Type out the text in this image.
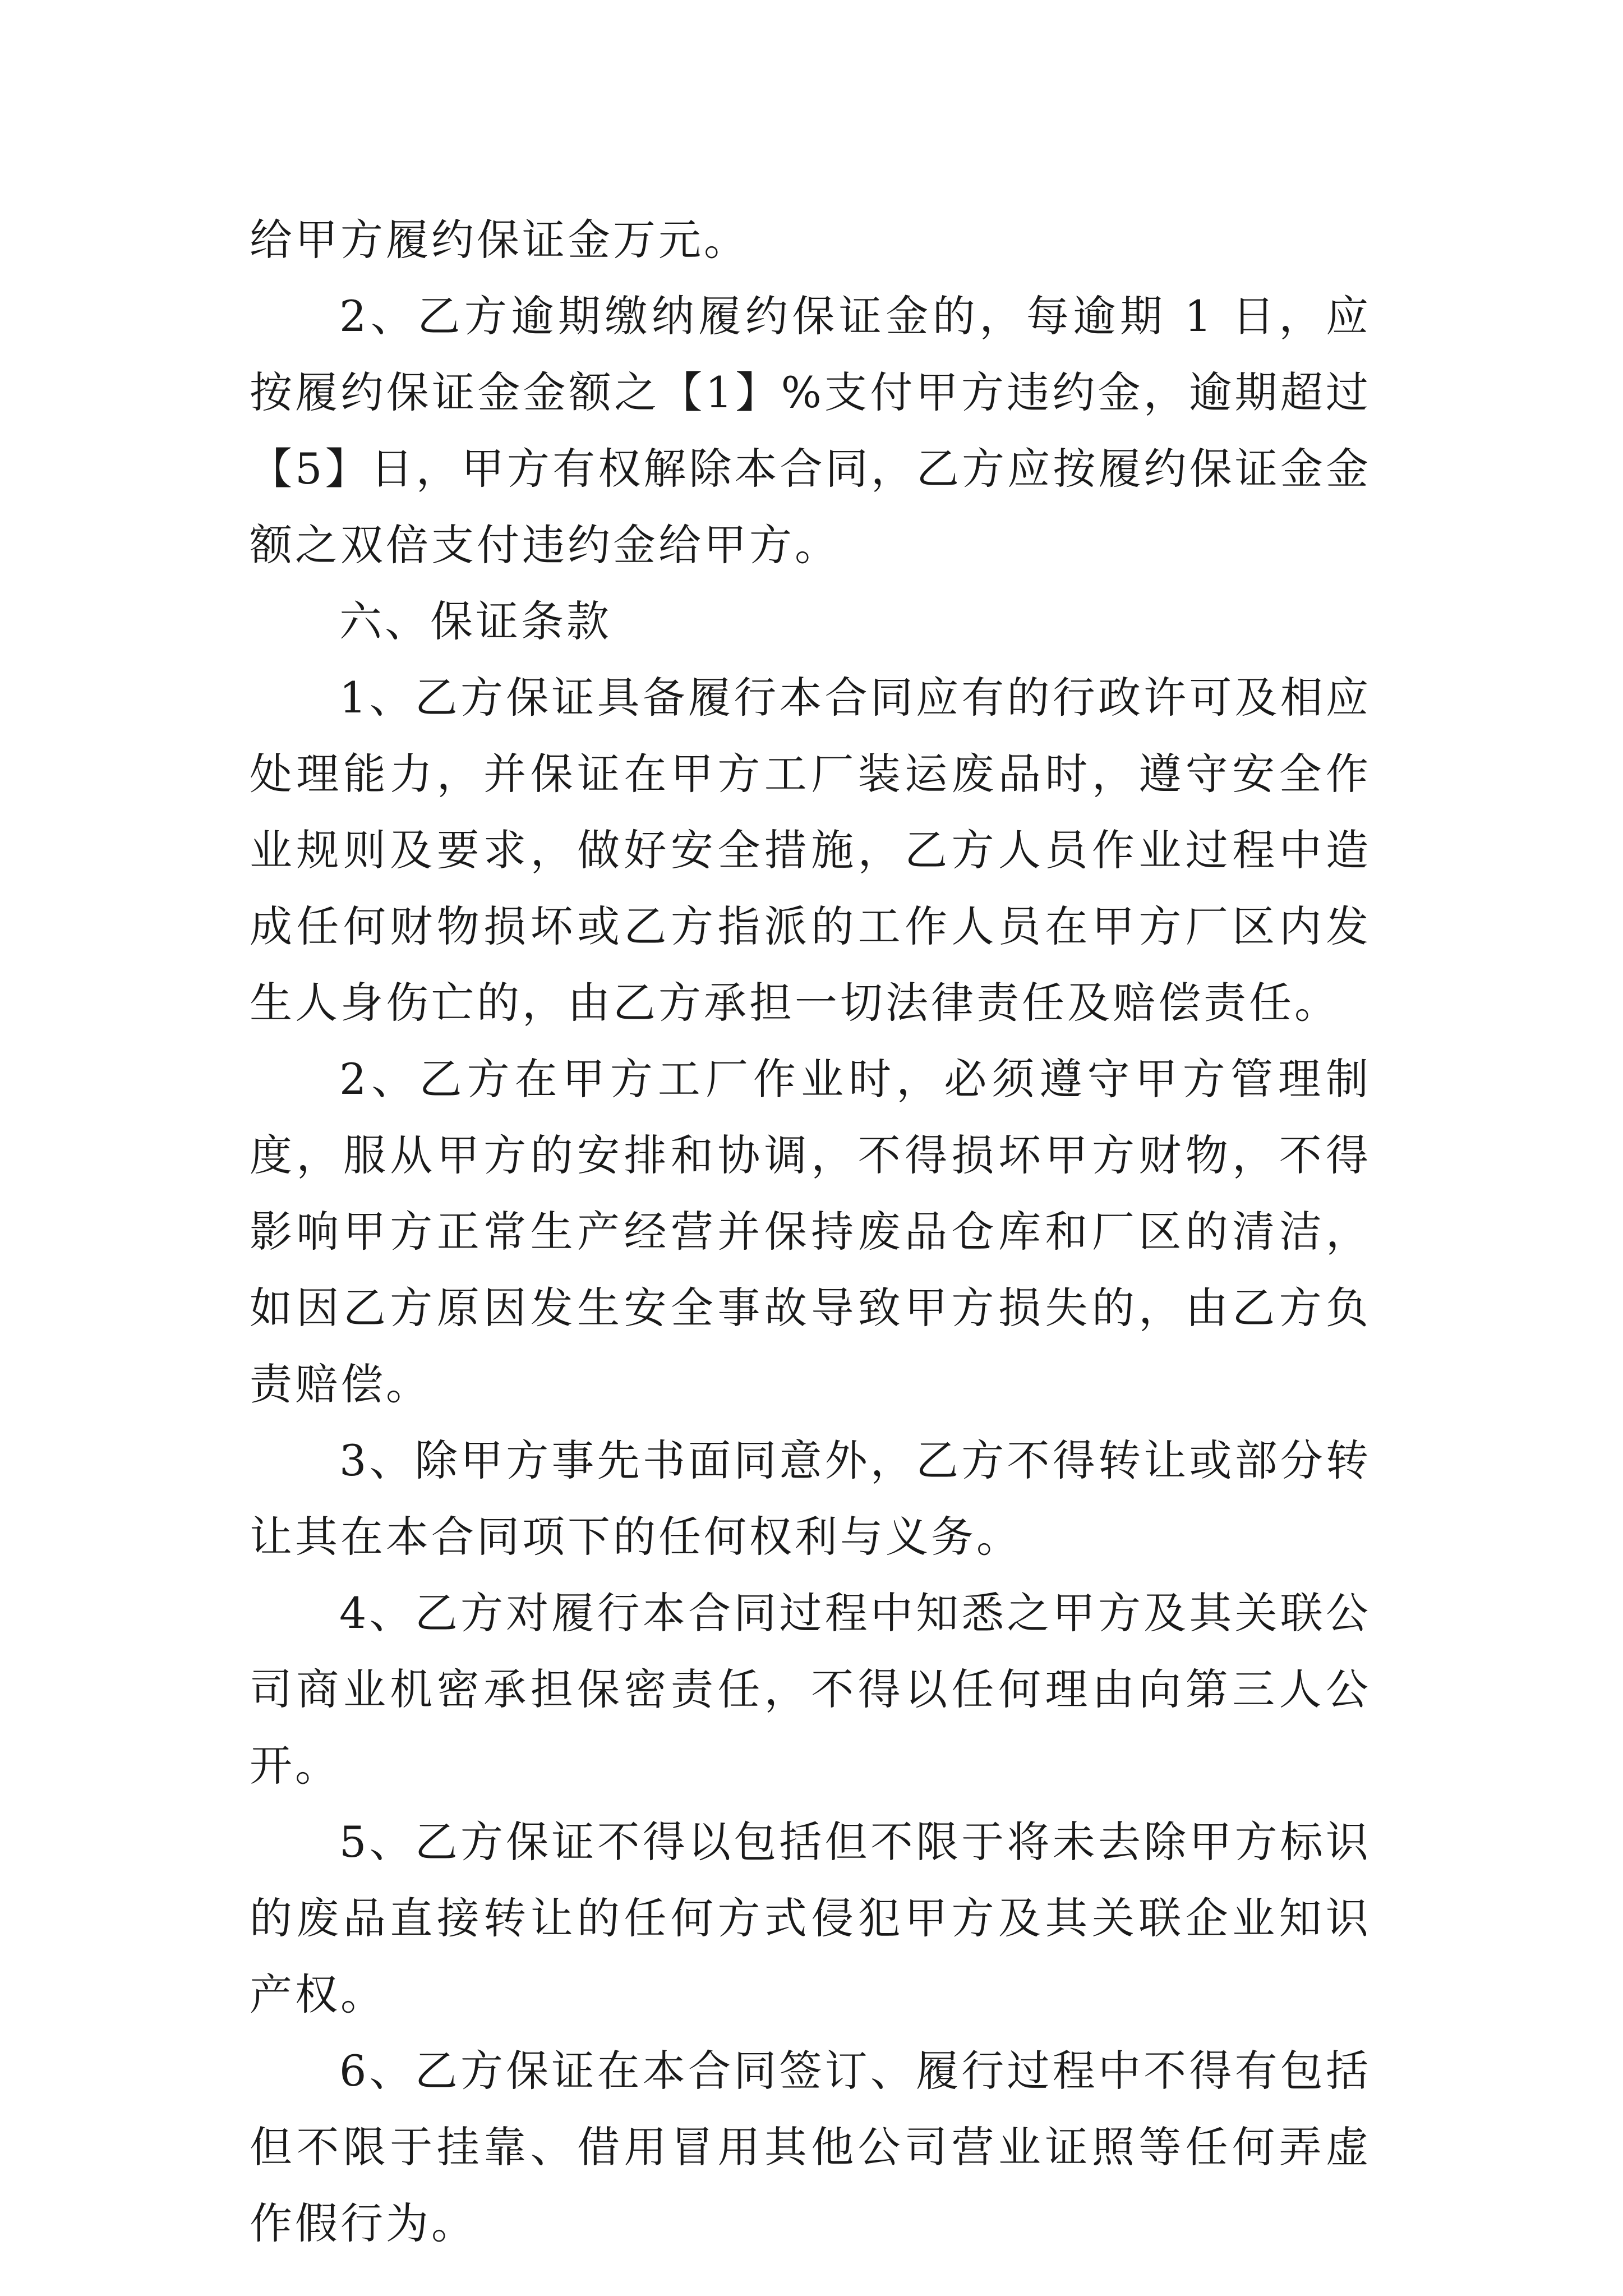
给甲方履约保证金万元。

2、乙方逾期缴纳履约保证金的，每逾期 1 日，应按履约保证金金额之【1】%支付甲方违约金，逾期超过【5】日，甲方有权解除本合同，乙方应按履约保证金金额之双倍支付违约金给甲方。

六、保证条款

1、乙方保证具备履行本合同应有的行政许可及相应处理能力，并保证在甲方工厂装运废品时，遵守安全作业规则及要求，做好安全措施，乙方人员作业过程中造成任何财物损坏或乙方指派的工作人员在甲方厂区内发生人身伤亡的，由乙方承担一切法律责任及赔偿责任。

2、乙方在甲方工厂作业时，必须遵守甲方管理制度，服从甲方的安排和协调，不得损坏甲方财物，不得影响甲方正常生产经营并保持废品仓库和厂区的清洁，如因乙方原因发生安全事故导致甲方损失的，由乙方负责赔偿。

3、除甲方事先书面同意外，乙方不得转让或部分转让其在本合同项下的任何权利与义务。

4、乙方对履行本合同过程中知悉之甲方及其关联公司商业机密承担保密责任，不得以任何理由向第三人公开。

5、乙方保证不得以包括但不限于将未去除甲方标识的废品直接转让的任何方式侵犯甲方及其关联企业知识产权。

6、乙方保证在本合同签订、履行过程中不得有包括但不限于挂靠、借用冒用其他公司营业证照等任何弄虚作假行为。
